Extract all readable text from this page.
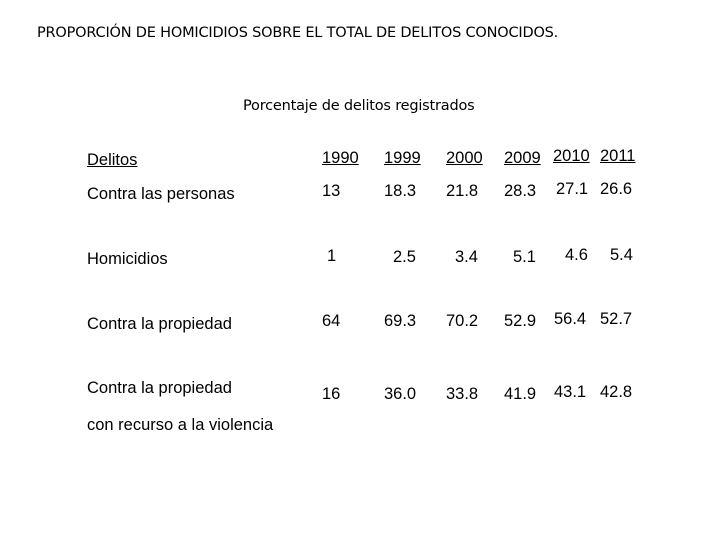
PROPORCIÓN DE HOMICIDIOS SOBRE EL TOTAL DE DELITOS CONOCIDOS.
Porcentaje de delitos registrados
Delitos	1990 1999 2000 2009 2010 2011
Contra las personas	13	18.3 21.8 28.3 27.1 26.6
Homicidios	1	2.5 3.4 5.1 4.6 5.4
Contra la propiedad	64	69.3 70.2 52.9 56.4 52.7
Contra la propiedad
con recurso a la violencia
16	36.0 33.8 41.9 43.1 42.8
